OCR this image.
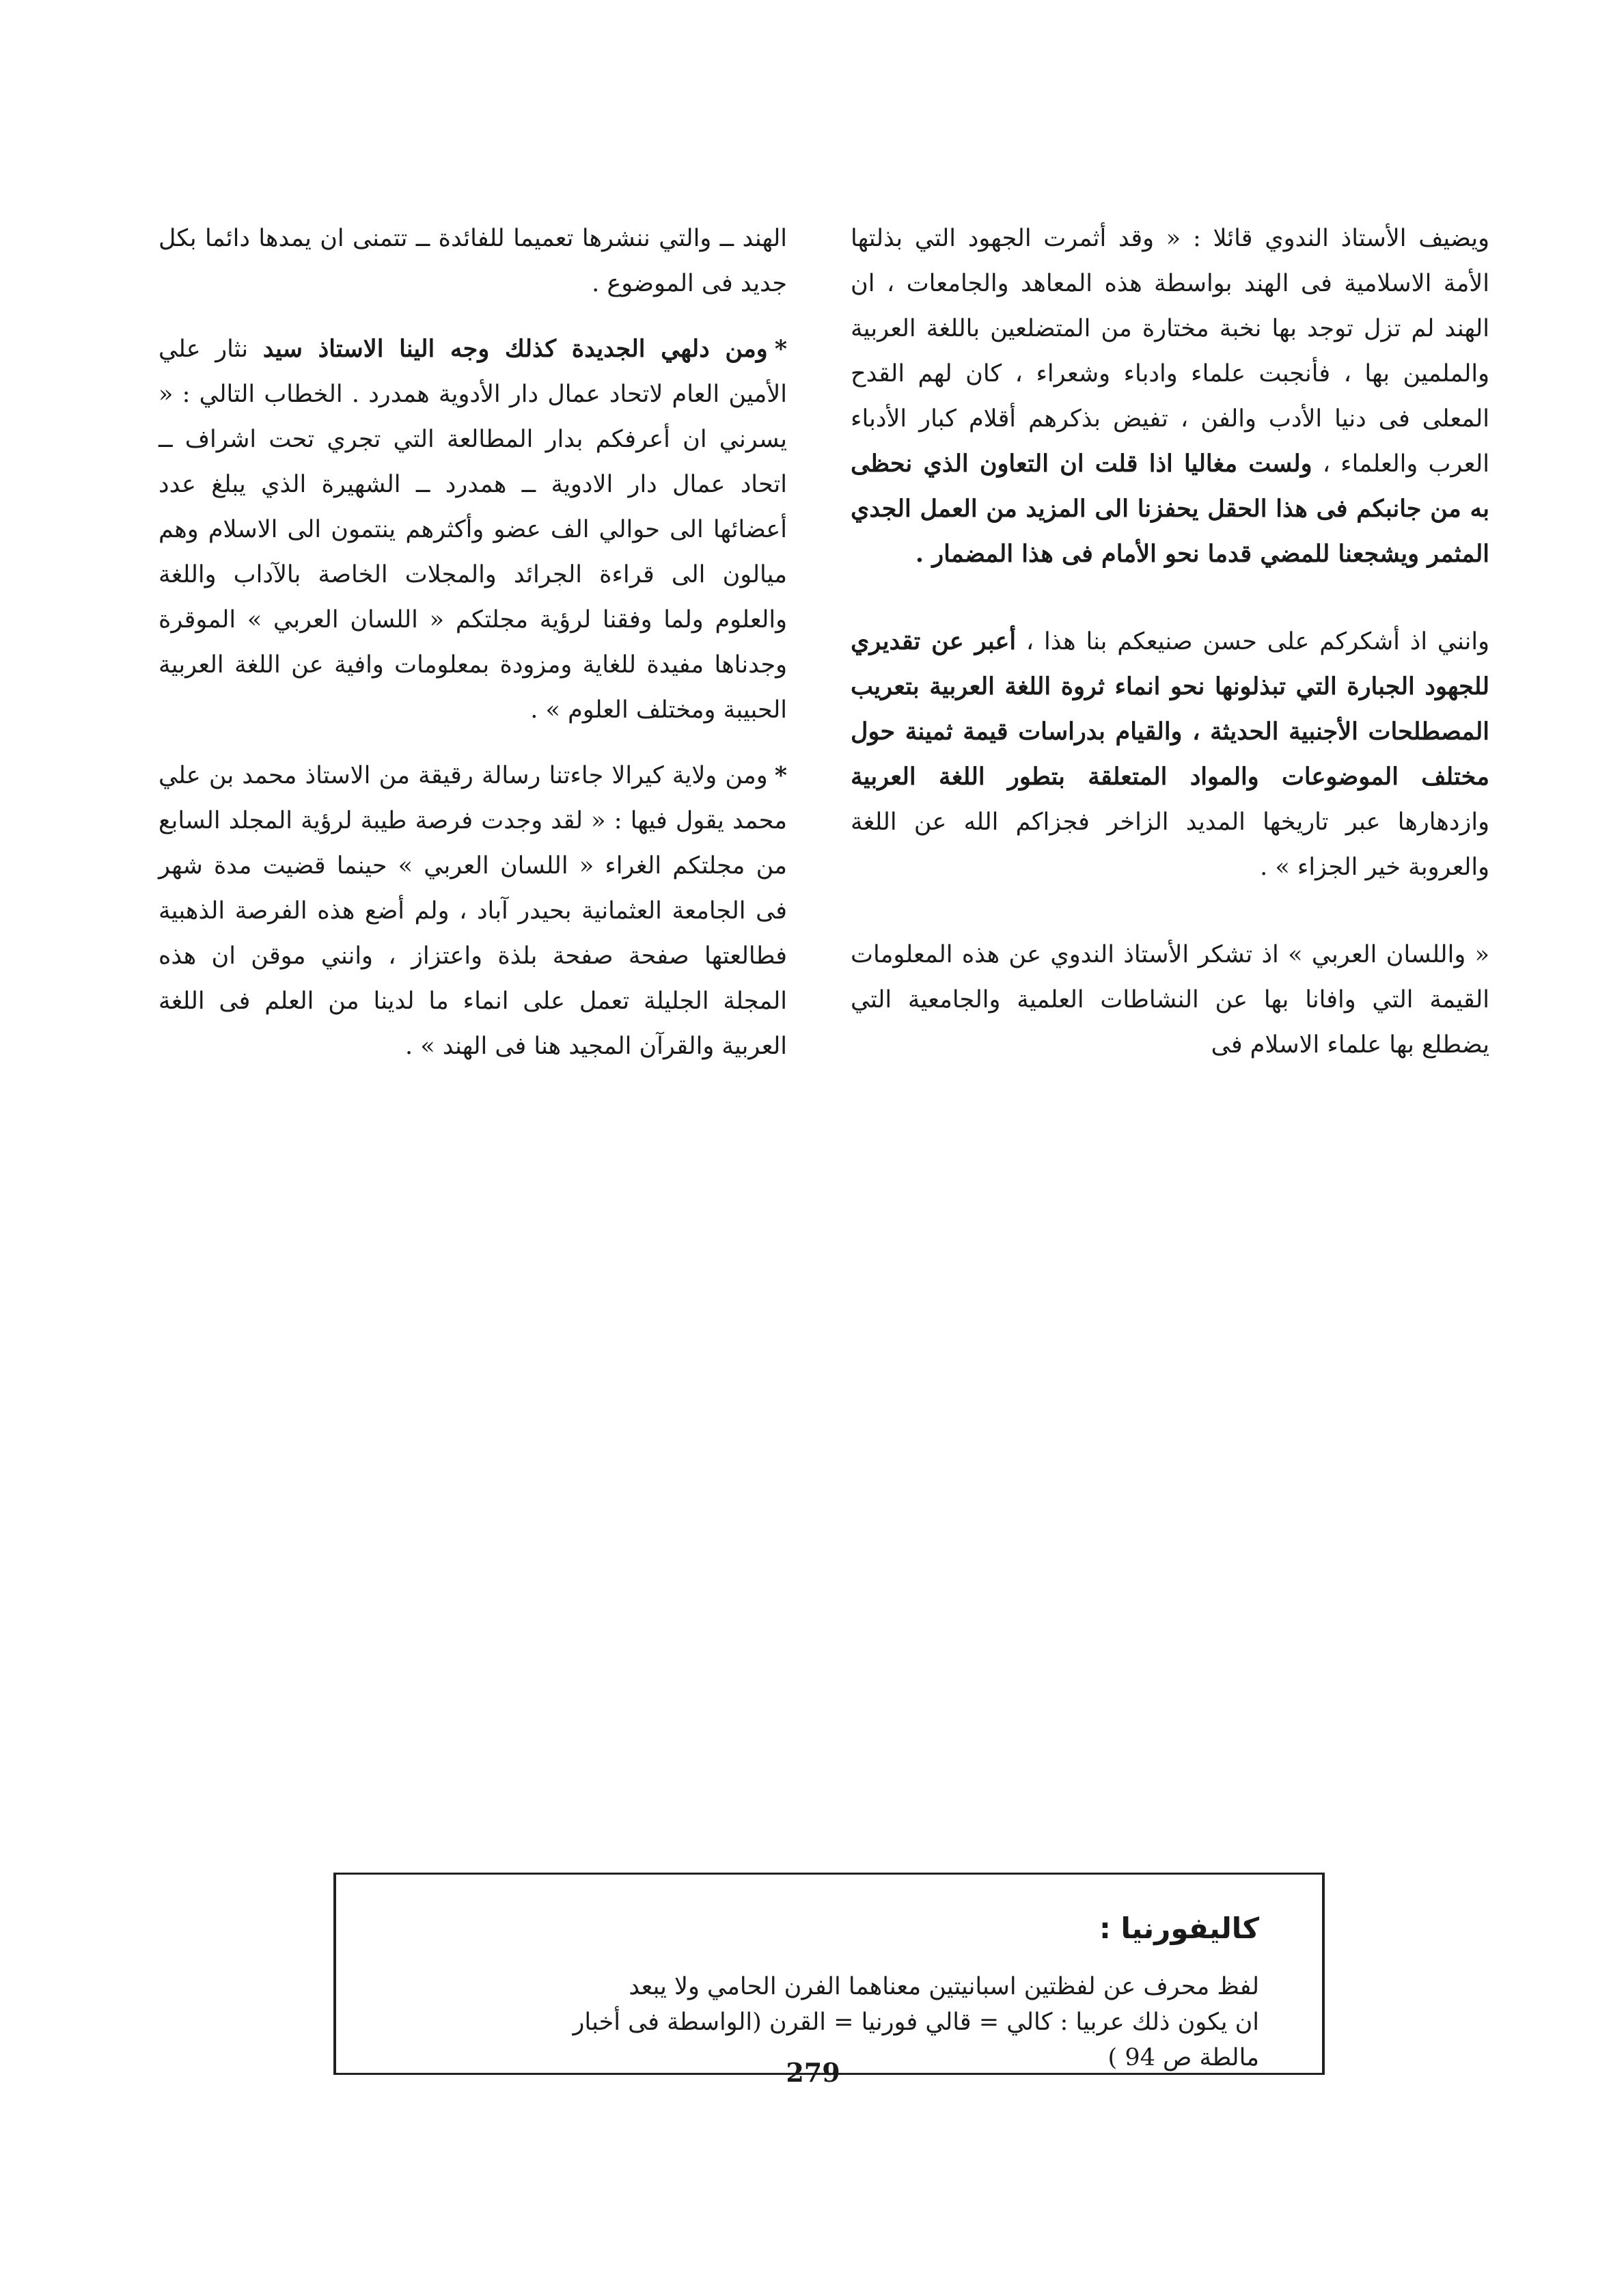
ويضيف الأستاذ الندوي قائلا : « وقد أثمرت الجهود التي بذلتها الأمة الاسلامية فى الهند بواسطة هذه المعاهد والجامعات ، ان الهند لم تزل توجد بها نخبة مختارة من المتضلعين باللغة العربية والملمين بها ، فأنجبت علماء وادباء وشعراء ، كان لهم القدح المعلى فى دنيا الأدب والفن ، تفيض بذكرهم أقلام كبار الأدباء العرب والعلماء ، ولست مغاليا اذا قلت ان التعاون الذي نحظى به من جانبكم فى هذا الحقل يحفزنا الى المزيد من العمل الجدي المثمر ويشجعنا للمضي قدما نحو الأمام فى هذا المضمار .

وانني اذ أشكركم على حسن صنيعكم بنا هذا ، أعبر عن تقديري للجهود الجبارة التي تبذلونها نحو انماء ثروة اللغة العربية بتعريب المصطلحات الأجنبية الحديثة ، والقيام بدراسات قيمة ثمينة حول مختلف الموضوعات والمواد المتعلقة بتطور اللغة العربية وازدهارها عبر تاريخها المديد الزاخر فجزاكم الله عن اللغة والعروبة خير الجزاء » .

« واللسان العربي » اذ تشكر الأستاذ الندوي عن هذه المعلومات القيمة التي وافانا بها عن النشاطات العلمية والجامعية التي يضطلع بها علماء الاسلام فى

الهند ــ والتي ننشرها تعميما للفائدة ــ تتمنى ان يمدها دائما بكل جديد فى الموضوع .

*ومن دلهي الجديدة كذلك وجه الينا الاستاذ سيد نثار علي الأمين العام لاتحاد عمال دار الأدوية همدرد . الخطاب التالي : « يسرني ان أعرفكم بدار المطالعة التي تجري تحت اشراف ــ اتحاد عمال دار الادوية ــ همدرد ــ الشهيرة الذي يبلغ عدد أعضائها الى حوالي الف عضو وأكثرهم ينتمون الى الاسلام وهم ميالون الى قراءة الجرائد والمجلات الخاصة بالآداب واللغة والعلوم ولما وفقنا لرؤية مجلتكم « اللسان العربي » الموقرة وجدناها مفيدة للغاية ومزودة بمعلومات وافية عن اللغة العربية الحبيبة ومختلف العلوم » .

*ومن ولاية كيرالا جاءتنا رسالة رقيقة من الاستاذ محمد بن علي محمد يقول فيها : « لقد وجدت فرصة طيبة لرؤية المجلد السابع من مجلتكم الغراء « اللسان العربي » حينما قضيت مدة شهر فى الجامعة العثمانية بحيدر آباد ، ولم أضع هذه الفرصة الذهبية فطالعتها صفحة صفحة بلذة واعتزاز ، وانني موقن ان هذه المجلة الجليلة تعمل على انماء ما لدينا من العلم فى اللغة العربية والقرآن المجيد هنا فى الهند » .

كاليفورنيا :

لفظ محرف عن لفظتين اسبانيتين معناهما الفرن الحامي ولا يبعد

ان يكون ذلك عربيا : كالي = قالي فورنيا = القرن (الواسطة فى أخبار

مالطة ص 94 )

279
